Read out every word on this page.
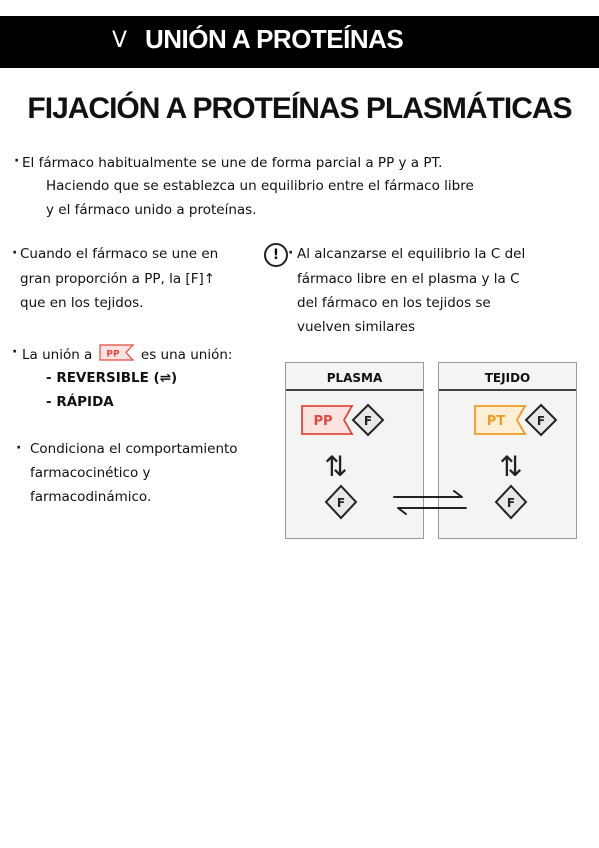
V UNIÓN A PROTEÍNAS
FIJACIÓN A PROTEÍNAS PLASMÁTICAS
· El fármaco habitualmente se une de forma parcial a PP y a PT.
Haciendo que se establezca un equilibrio entre el fármaco libre
y el fármaco unido a proteínas.
· Cuando el fármaco se une en
gran proporción a PP, la [F]↑
que en los tejidos.
! · Al alcanzarse el equilibrio la C del
fármaco libre en el plasma y la C
del fármaco en los tejidos se
vuelven similares
· La unión a PP es una unión:
- REVERSIBLE (⇌)
- RÁPIDA
· Condiciona el comportamiento
farmacocinético y
farmacodinámico.
PLASMA
PP	F
⇅
F
TEJIDO
PT	F
⇅
F
